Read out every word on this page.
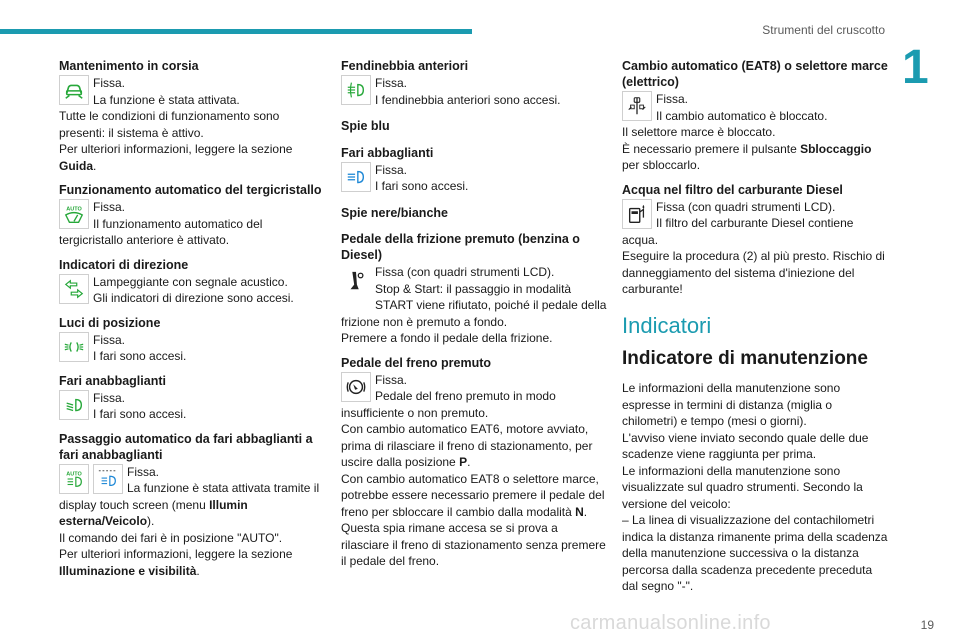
Strumenti del cruscotto
1
Mantenimento in corsia

Fissa.

La funzione è stata attivata.

Tutte le condizioni di funzionamento sono presenti: il sistema è attivo.

Per ulteriori informazioni, leggere la sezione Guida.

Funzionamento automatico del tergicristallo
AUTO Fissa.

Il funzionamento automatico del tergicristallo anteriore è attivato.

Indicatori di direzione

Lampeggiante con segnale acustico.

Gli indicatori di direzione sono accesi.

Luci di posizione

Fissa.

I fari sono accesi.

Fari anabbaglianti

Fissa.

I fari sono accesi.

Passaggio automatico da fari abbaglianti a fari anabbaglianti
AUTO	Fissa.

La funzione è stata attivata tramite il display touch screen (menu Illumin esterna/Veicolo).

Il comando dei fari è in posizione "AUTO".

Per ulteriori informazioni, leggere la sezione Illuminazione e visibilità.

Fendinebbia anteriori

Fissa.

I fendinebbia anteriori sono accesi.

Spie blu
Fari abbaglianti

Fissa.

I fari sono accesi.

Spie nere/bianche
Pedale della frizione premuto (benzina o Diesel)

Fissa (con quadri strumenti LCD).

Stop & Start: il passaggio in modalità START viene rifiutato, poiché il pedale della frizione non è premuto a fondo.

Premere a fondo il pedale della frizione.

Pedale del freno premuto

Fissa.

Pedale del freno premuto in modo insufficiente o non premuto.

Con cambio automatico EAT6, motore avviato, prima di rilasciare il freno di stazionamento, per uscire dalla posizione P.

Con cambio automatico EAT8 o selettore marce, potrebbe essere necessario premere il pedale del freno per sbloccare il cambio dalla modalità N.

Questa spia rimane accesa se si prova a rilasciare il freno di stazionamento senza premere il pedale del freno.

Cambio automatico (EAT8) o selettore marce (elettrico)

Fissa.

Il cambio automatico è bloccato.

Il selettore marce è bloccato.

È necessario premere il pulsante Sbloccaggio per sbloccarlo.

Acqua nel filtro del carburante Diesel

Fissa (con quadri strumenti LCD).

Il filtro del carburante Diesel contiene acqua.

Eseguire la procedura (2) al più presto. Rischio di danneggiamento del sistema d'iniezione del carburante!

Indicatori
Indicatore di manutenzione

Le informazioni della manutenzione sono espresse in termini di distanza (miglia o chilometri) e tempo (mesi o giorni).

L'avviso viene inviato secondo quale delle due scadenze viene raggiunta per prima.

Le informazioni della manutenzione sono visualizzate sul quadro strumenti. Secondo la versione del veicolo:

– La linea di visualizzazione del contachilometri indica la distanza rimanente prima della scadenza della manutenzione successiva o la distanza percorsa dalla scadenza precedente preceduta dal segno "-".

carmanualsonline.info	19
